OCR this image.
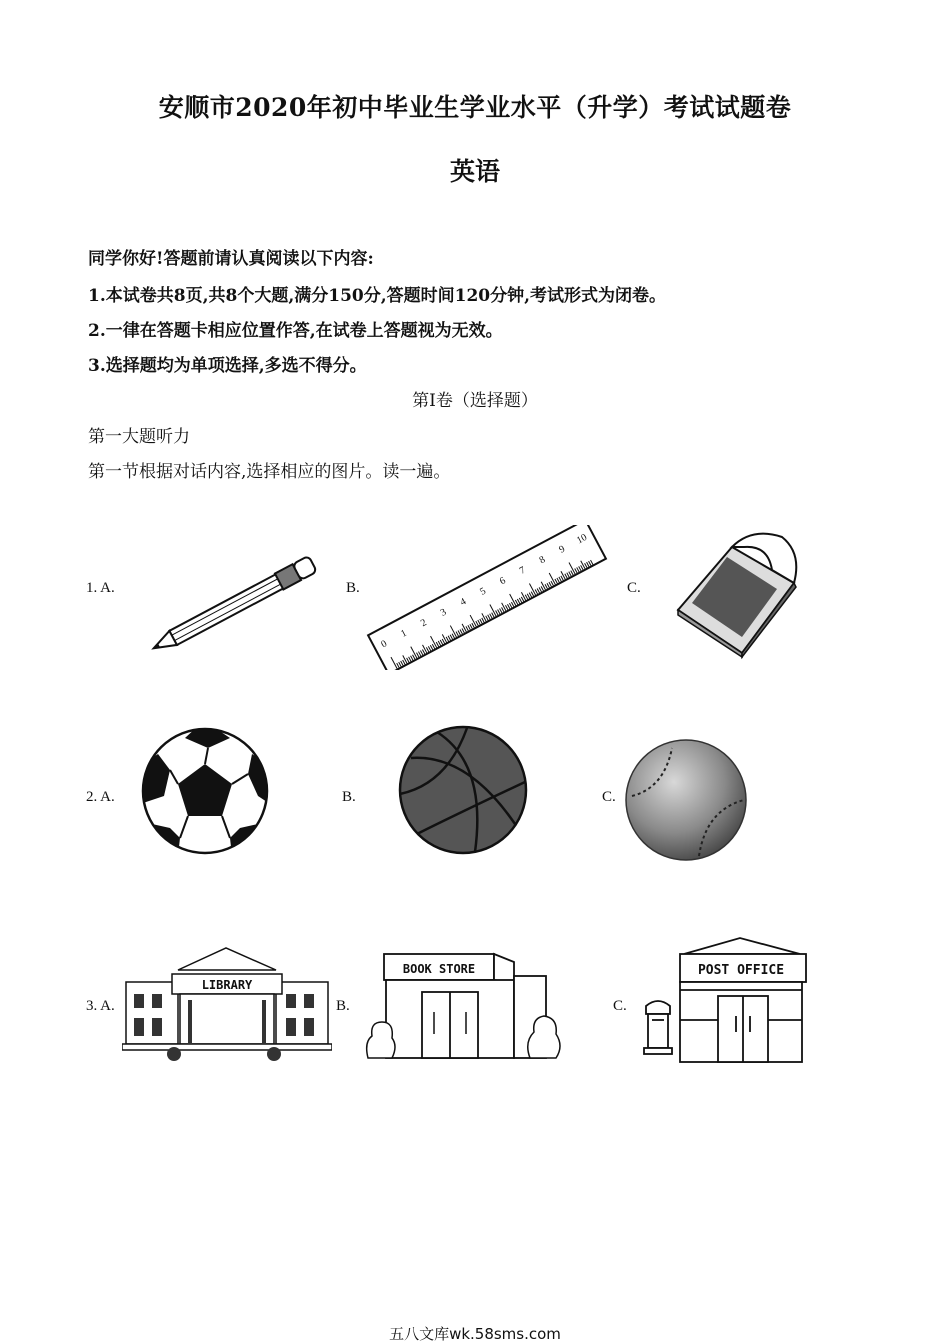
安顺市2020年初中毕业生学业水平（升学）考试试题卷
英语
同学你好!答题前请认真阅读以下内容:
1.本试卷共8页,共8个大题,满分150分,答题时间120分钟,考试形式为闭卷。
2.一律在答题卡相应位置作答,在试卷上答题视为无效。
3.选择题均为单项选择,多选不得分。
第Ⅰ卷（选择题）
第一大题听力
第一节根据对话内容,选择相应的图片。读一遍。
1. A.	B.	C.
0
1
2
3
4
5
6
7
8
9
10
2. A.	B.	C.
3. A.	B.	C.
LIBRARY
BOOK STORE	POST OFFICE
五八文库wk.58sms.com
